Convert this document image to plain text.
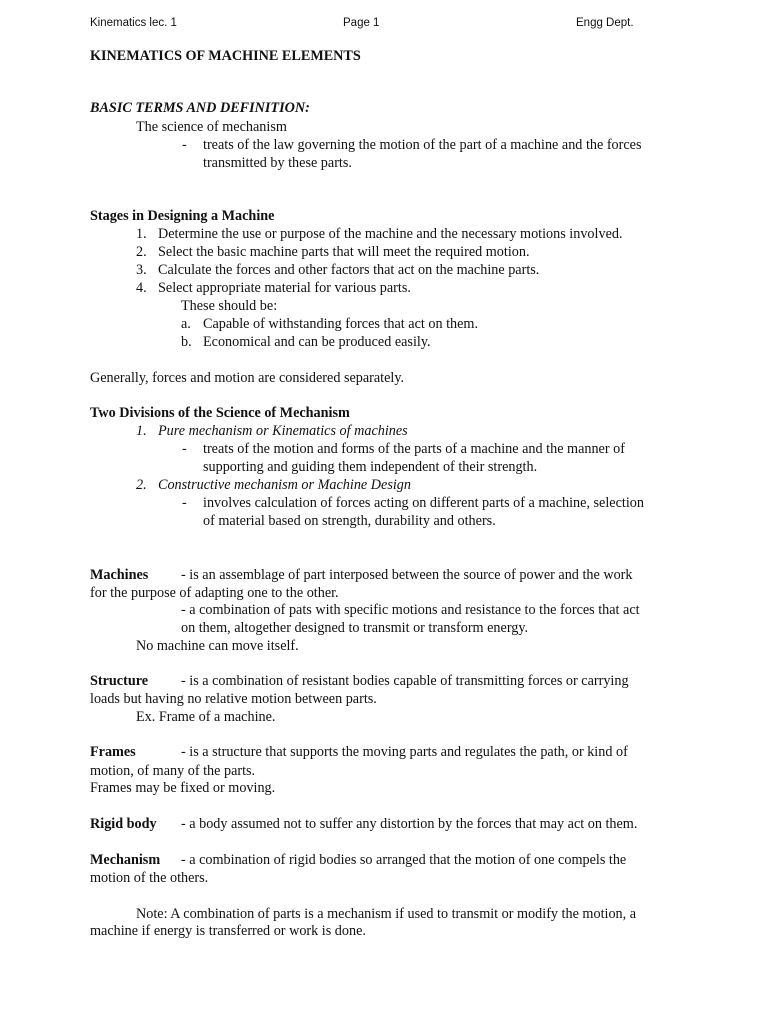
Kinematics lec. 1	Page 1	Engg Dept.
KINEMATICS OF MACHINE ELEMENTS
BASIC TERMS AND DEFINITION:
The science of mechanism
- treats of the law governing the motion of the part of a machine and the forces
transmitted by these parts.
Stages in Designing a Machine
1. Determine the use or purpose of the machine and the necessary motions involved.
2. Select the basic machine parts that will meet the required motion.
3. Calculate the forces and other factors that act on the machine parts.
4. Select appropriate material for various parts.
These should be:
a. Capable of withstanding forces that act on them.
b. Economical and can be produced easily.
Generally, forces and motion are considered separately.
Two Divisions of the Science of Mechanism
1. Pure mechanism or Kinematics of machines
- treats of the motion and forms of the parts of a machine and the manner of
supporting and guiding them independent of their strength.
2. Constructive mechanism or Machine Design
- involves calculation of forces acting on different parts of a machine, selection
of material based on strength, durability and others.
Machines - is an assemblage of part interposed between the source of power and the work
for the purpose of adapting one to the other.
- a combination of pats with specific motions and resistance to the forces that act
on them, altogether designed to transmit or transform energy.
No machine can move itself.
Structure - is a combination of resistant bodies capable of transmitting forces or carrying
loads but having no relative motion between parts.
Ex. Frame of a machine.
Frames	- is a structure that supports the moving parts and regulates the path, or kind of
motion, of many of the parts.
Frames may be fixed or moving.
Rigid body - a body assumed not to suffer any distortion by the forces that may act on them.
Mechanism - a combination of rigid bodies so arranged that the motion of one compels the
motion of the others.
Note: A combination of parts is a mechanism if used to transmit or modify the motion, a
machine if energy is transferred or work is done.
